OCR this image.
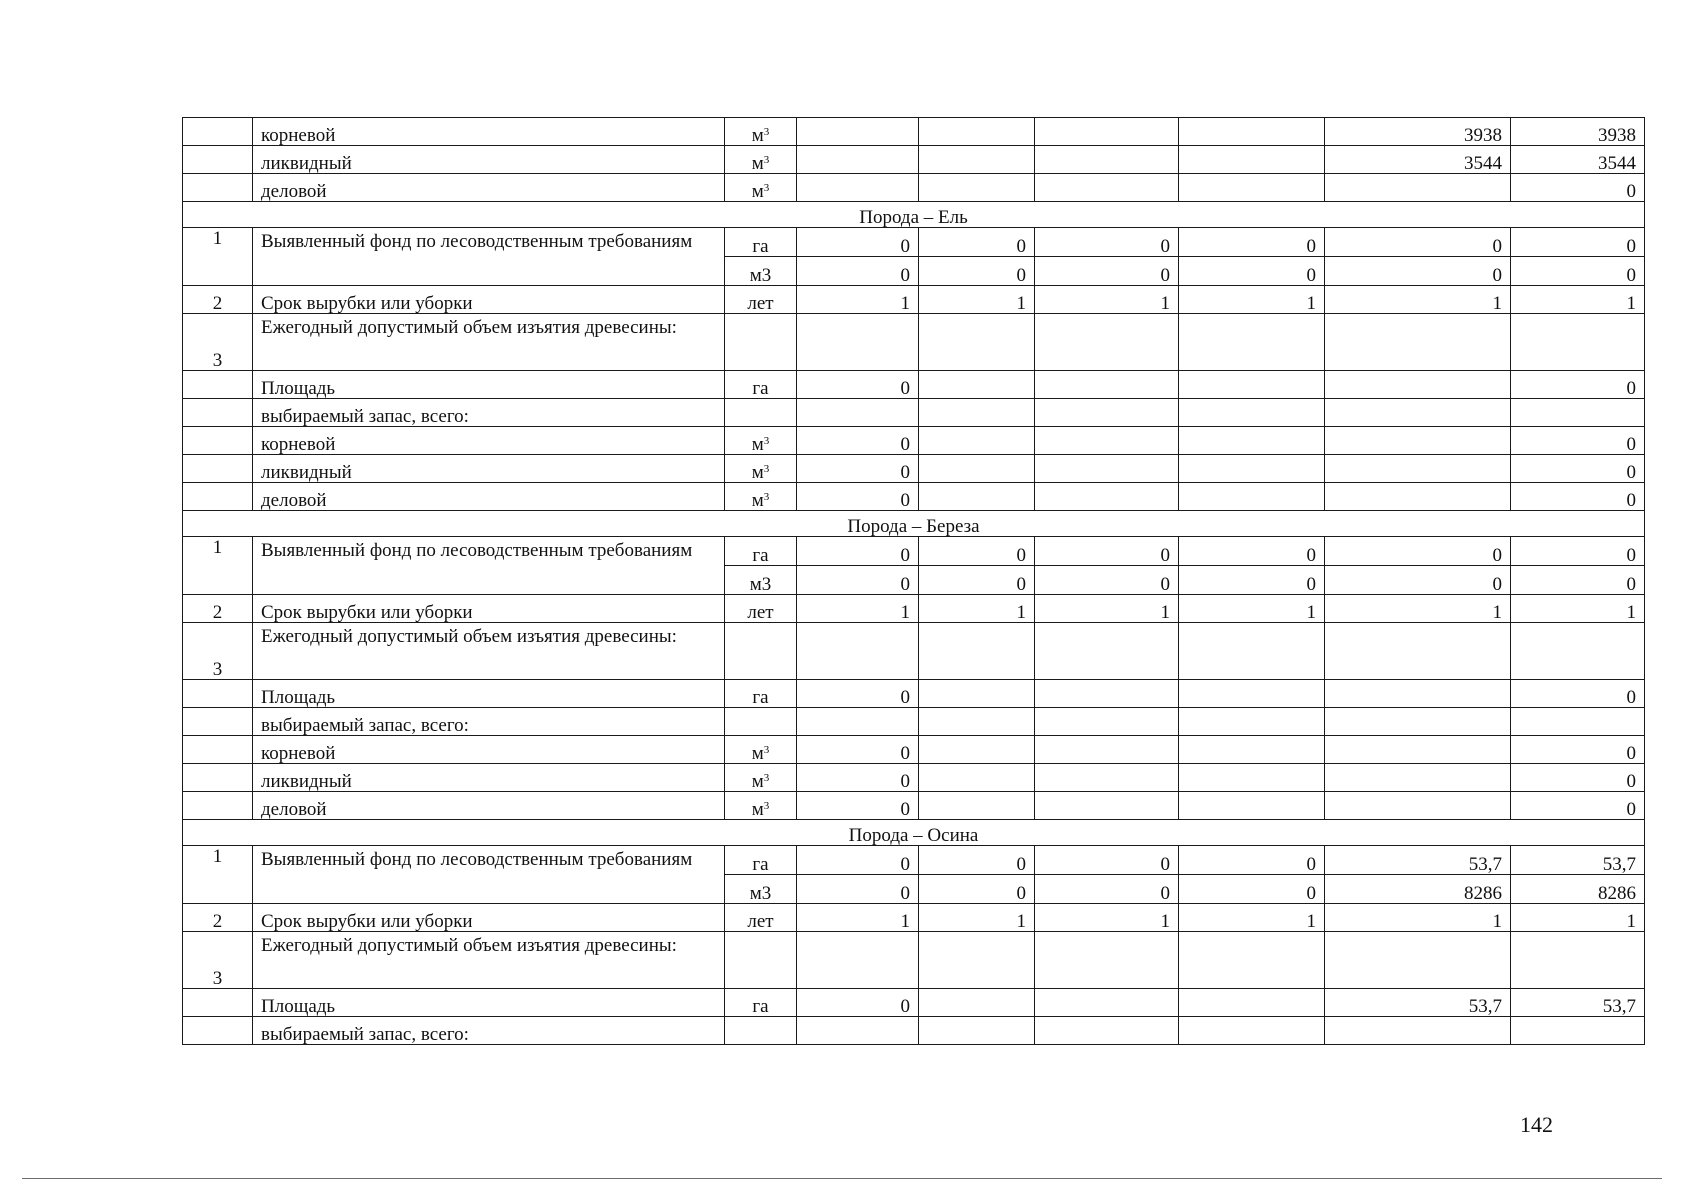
	корневой	$м^3$					3938	3938
	ликвидный	$м^3$					3544	3544
	деловой	$м^3$						0
Порода – Ель								
1	Выявленный фонд по лесоводственным требованиям	га	0	0	0	0	0	0
		м3	0	0	0	0	0	0
2	Срок вырубки или уборки	лет	1	1	1	1	1	1
3	Ежегодный допустимый объем изъятия древесины:							
	Площадь	га	0					0
	выбираемый запас, всего:							
	корневой	$м^3$	0					0
	ликвидный	$м^3$	0					0
	деловой	$м^3$	0					0
Порода – Береза								
1	Выявленный фонд по лесоводственным требованиям	га	0	0	0	0	0	0
		м3	0	0	0	0	0	0
2	Срок вырубки или уборки	лет	1	1	1	1	1	1
3	Ежегодный допустимый объем изъятия древесины:							
	Площадь	га	0					0
	выбираемый запас, всего:							
	корневой	$м^3$	0					0
	ликвидный	$м^3$	0					0
	деловой	$м^3$	0					0
Порода – Осина								
1	Выявленный фонд по лесоводственным требованиям	га	0	0	0	0	53,7	53,7
		м3	0	0	0	0	8286	8286
2	Срок вырубки или уборки	лет	1	1	1	1	1	1
3	Ежегодный допустимый объем изъятия древесины:							
	Площадь	га	0				53,7	53,7
	выбираемый запас, всего:							
142
